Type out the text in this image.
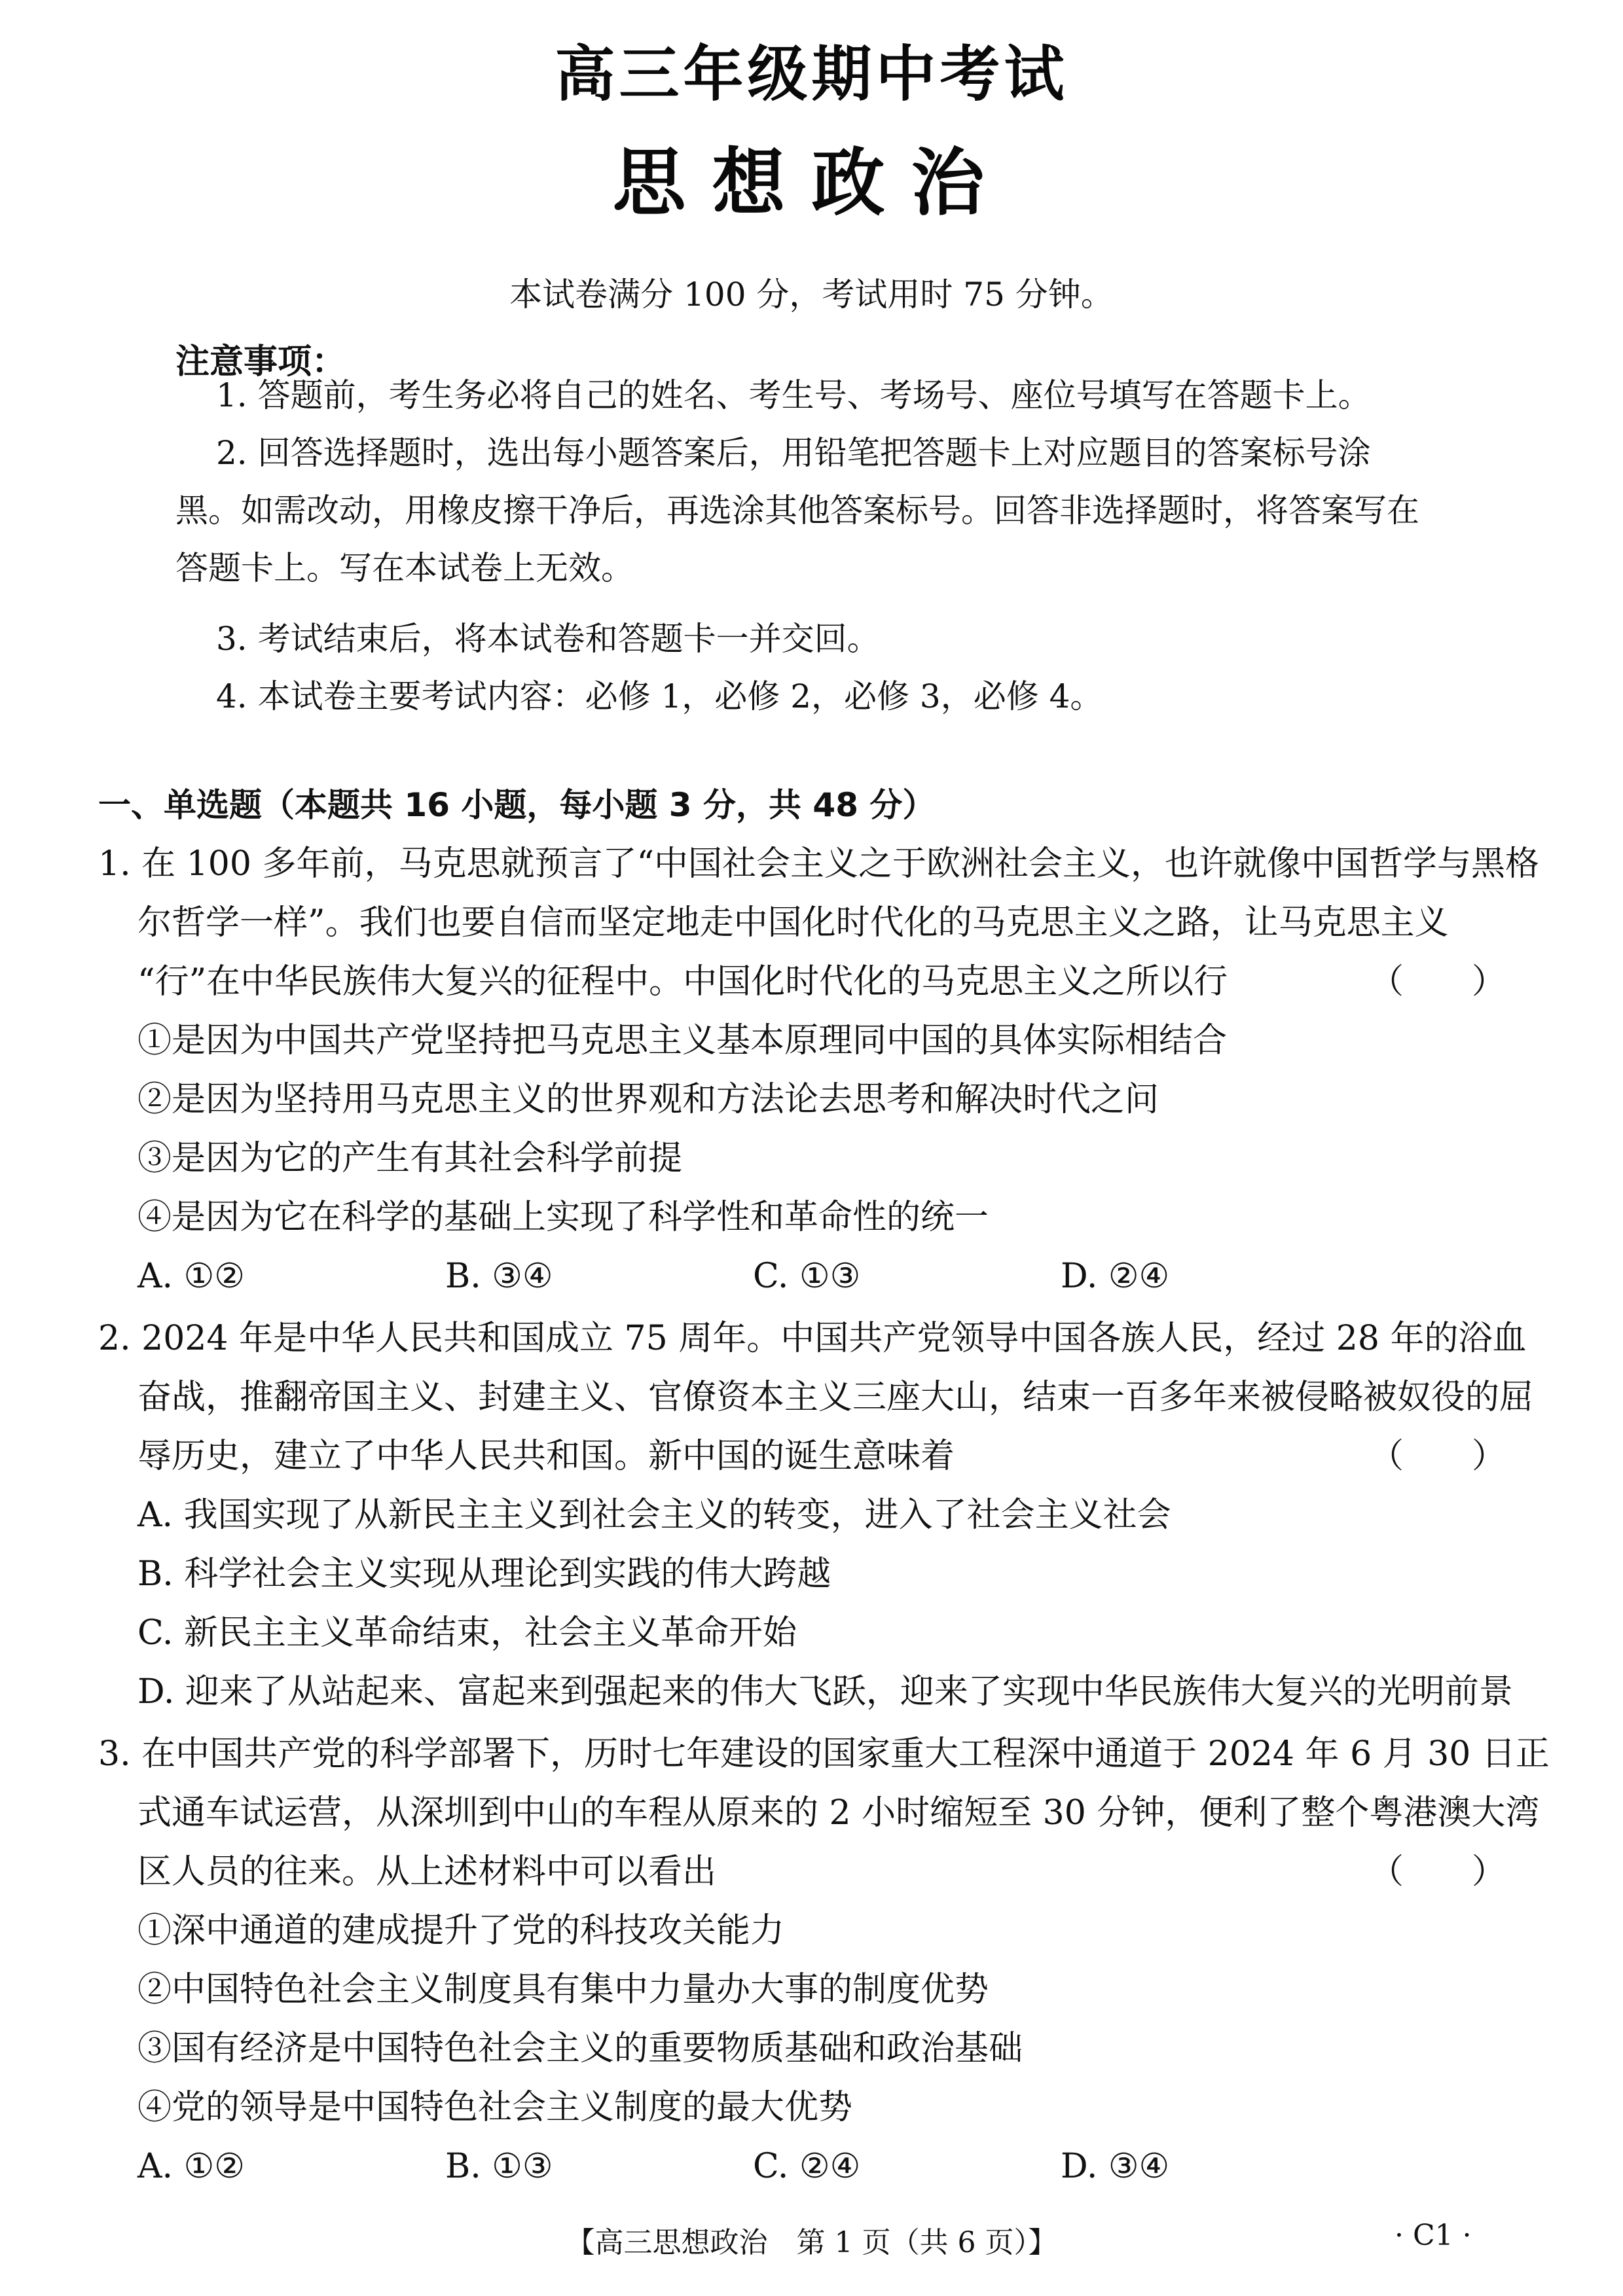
高三年级期中考试
思想政治
本试卷满分 100 分，考试用时 75 分钟。
注意事项：
1. 答题前，考生务必将自己的姓名、考生号、考场号、座位号填写在答题卡上。
2. 回答选择题时，选出每小题答案后，用铅笔把答题卡上对应题目的答案标号涂
黑。如需改动，用橡皮擦干净后，再选涂其他答案标号。回答非选择题时，将答案写在
答题卡上。写在本试卷上无效。
3. 考试结束后，将本试卷和答题卡一并交回。
4. 本试卷主要考试内容：必修 1，必修 2，必修 3，必修 4。
一、单选题（本题共 16 小题，每小题 3 分，共 48 分）
1. 在 100 多年前，马克思就预言了“中国社会主义之于欧洲社会主义，也许就像中国哲学与黑格
尔哲学一样”。我们也要自信而坚定地走中国化时代化的马克思主义之路，让马克思主义
“行”在中华民族伟大复兴的征程中。中国化时代化的马克思主义之所以行	（　　）
①是因为中国共产党坚持把马克思主义基本原理同中国的具体实际相结合
②是因为坚持用马克思主义的世界观和方法论去思考和解决时代之问
③是因为它的产生有其社会科学前提
④是因为它在科学的基础上实现了科学性和革命性的统一
A. ①②	B. ③④	C. ①③	D. ②④
2. 2024 年是中华人民共和国成立 75 周年。中国共产党领导中国各族人民，经过 28 年的浴血
奋战，推翻帝国主义、封建主义、官僚资本主义三座大山，结束一百多年来被侵略被奴役的屈
辱历史，建立了中华人民共和国。新中国的诞生意味着	（　　）
A. 我国实现了从新民主主义到社会主义的转变，进入了社会主义社会
B. 科学社会主义实现从理论到实践的伟大跨越
C. 新民主主义革命结束，社会主义革命开始
D. 迎来了从站起来、富起来到强起来的伟大飞跃，迎来了实现中华民族伟大复兴的光明前景
3. 在中国共产党的科学部署下，历时七年建设的国家重大工程深中通道于 2024 年 6 月 30 日正
式通车试运营，从深圳到中山的车程从原来的 2 小时缩短至 30 分钟，便利了整个粤港澳大湾
区人员的往来。从上述材料中可以看出	（　　）
①深中通道的建成提升了党的科技攻关能力
②中国特色社会主义制度具有集中力量办大事的制度优势
③国有经济是中国特色社会主义的重要物质基础和政治基础
④党的领导是中国特色社会主义制度的最大优势
A. ①②	B. ①③	C. ②④	D. ③④
【高三思想政治　第 1 页（共 6 页）】	· C1 ·
